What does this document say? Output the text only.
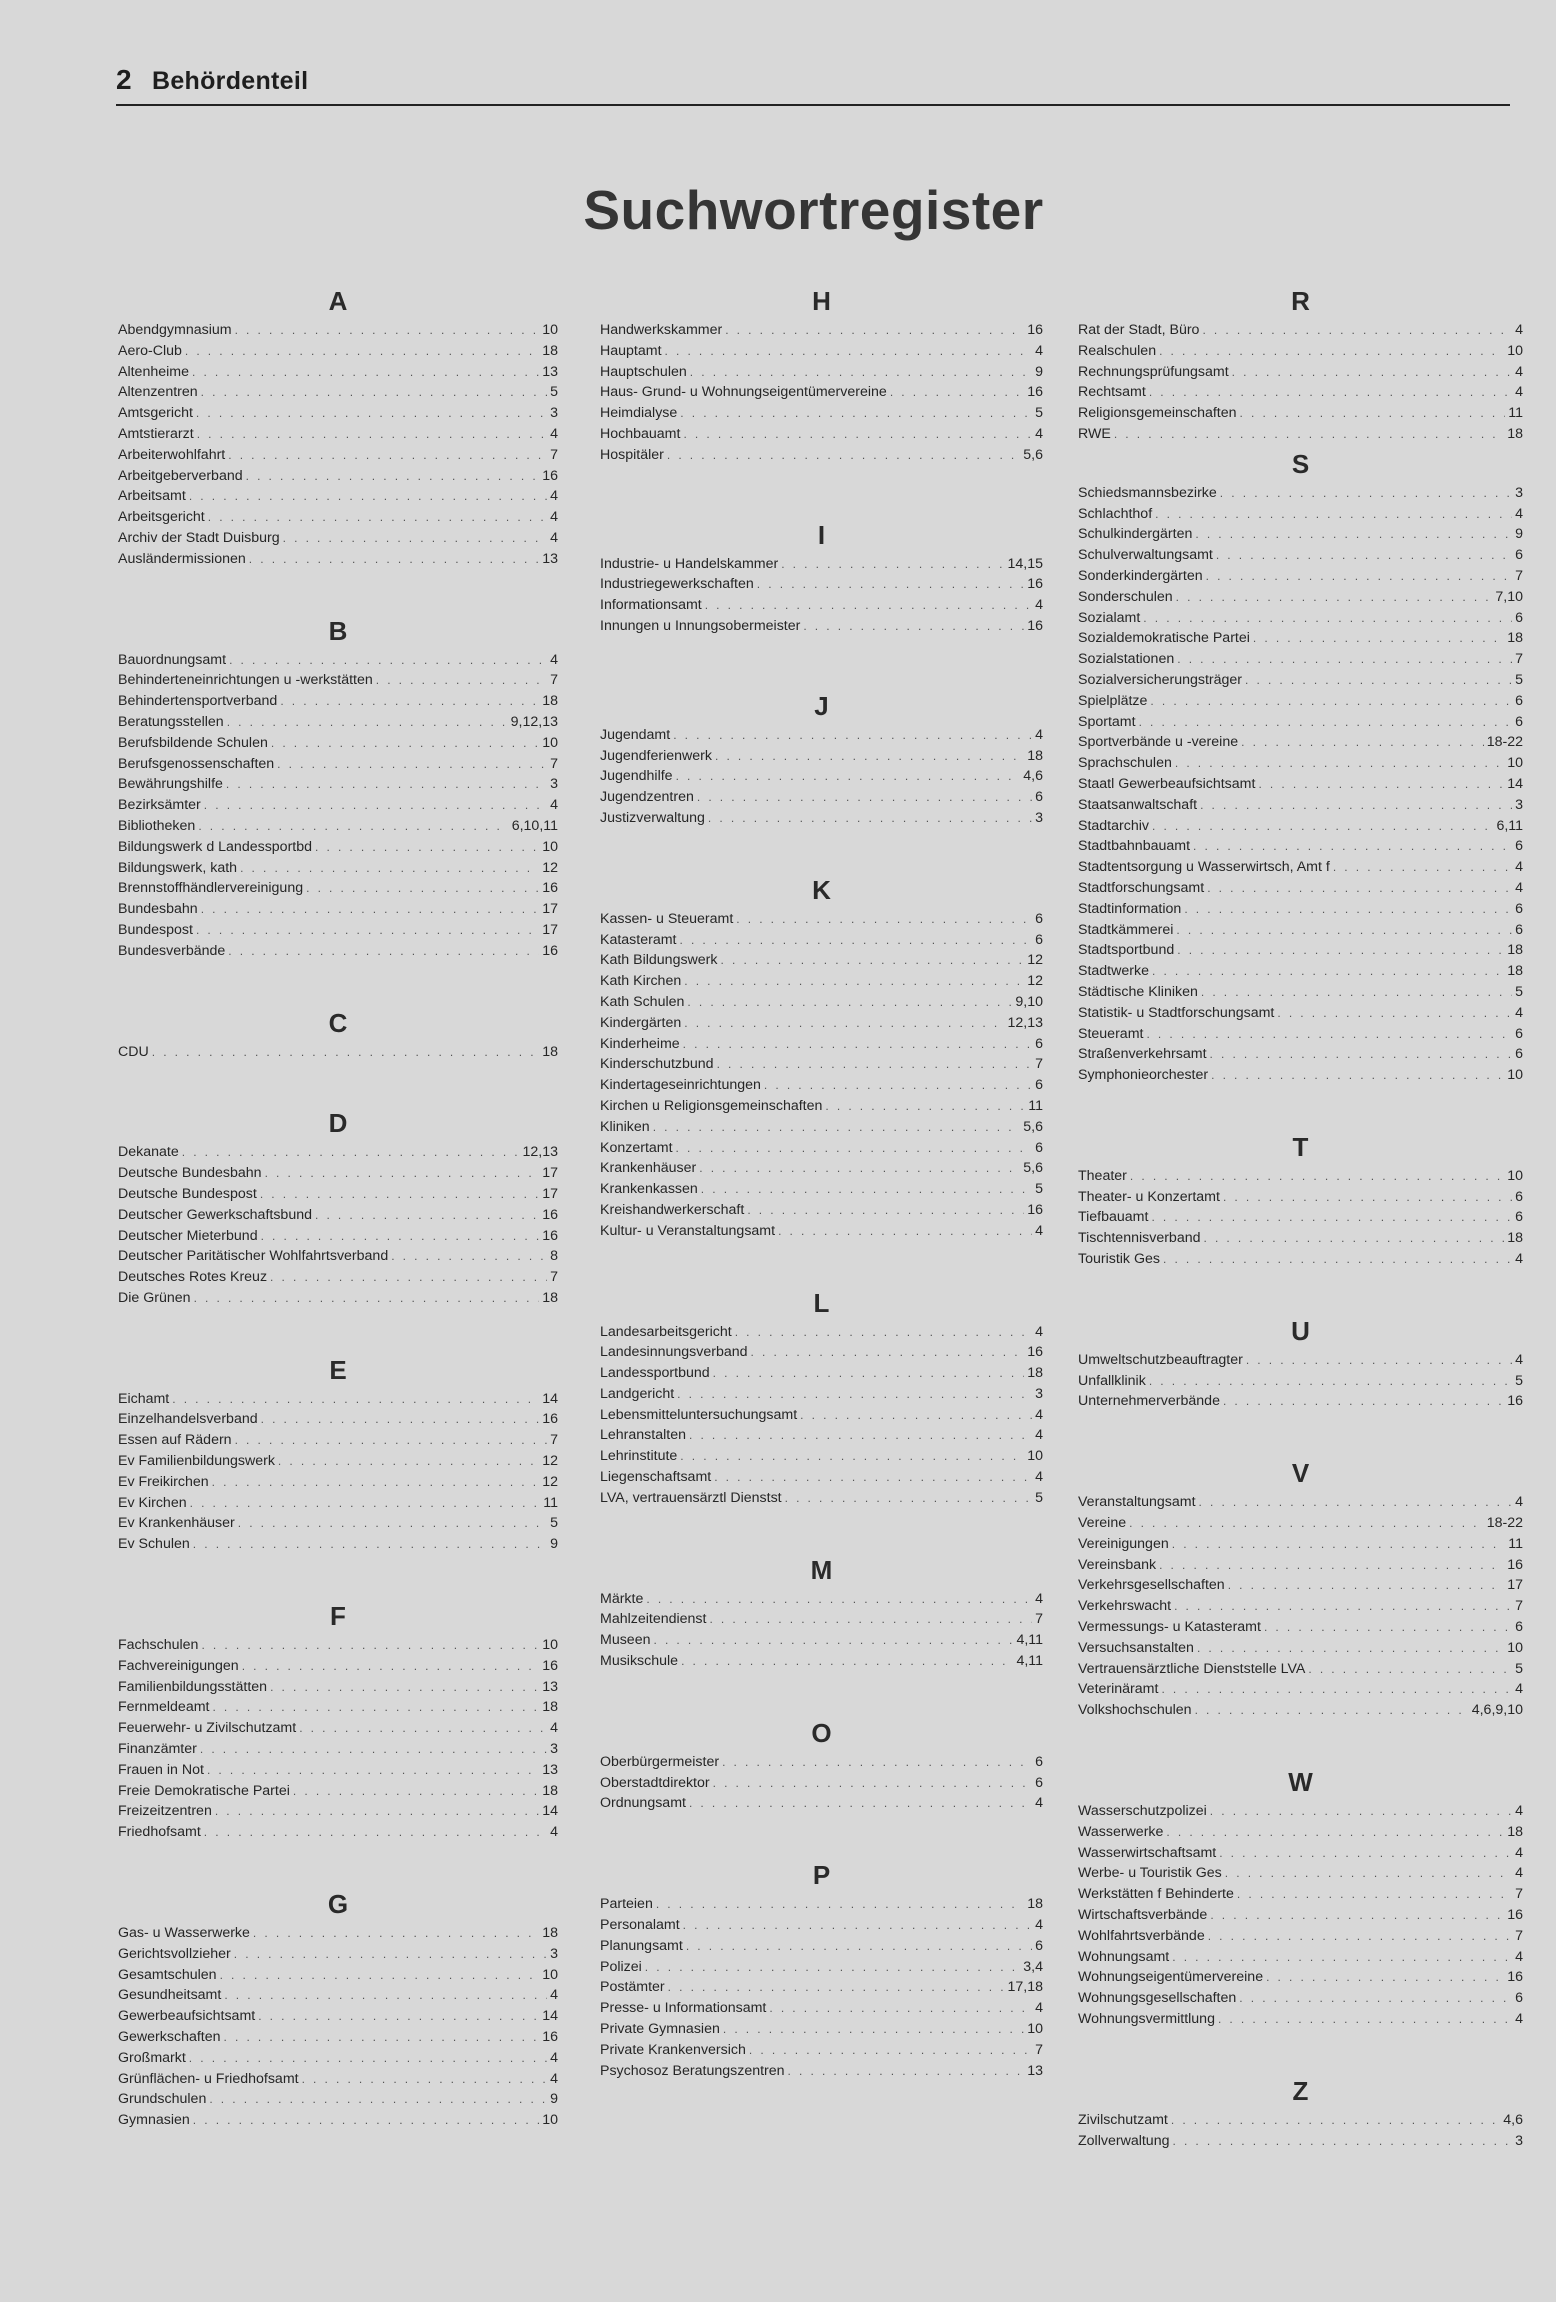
2 Behördenteil
Suchwortregister
A
Abendgymnasium . . .	10
Aero-Club . . .	18
Altenheime . . .	13
Altenzentren . . .	5
Amtsgericht . . .	3
Amtstierarzt . . .	4
Arbeiterwohlfahrt . . .	7
Arbeitgeberverband . . .	16
Arbeitsamt . . .	4
Arbeitsgericht . . .	4
Archiv der Stadt Duisburg . . .	4
Ausländermissionen . . .	13
B
Bauordnungsamt . . .	4
Behinderteneinrichtungen u -werkstätten . . .	7
Behindertensportverband . . .	18
Beratungsstellen . . .	9,12,13
Berufsbildende Schulen . . .	10
Berufsgenossenschaften . . .	7
Bewährungshilfe . . .	3
Bezirksämter . . .	4
Bibliotheken . . .	6,10,11
Bildungswerk d Landessportbd . . .	10
Bildungswerk, kath . . .	12
Brennstoffhändlervereinigung . . .	16
Bundesbahn . . .	17
Bundespost . . .	17
Bundesverbände . . .	16
C
CDU . . .	18
D
Dekanate . . .	12,13
Deutsche Bundesbahn . . .	17
Deutsche Bundespost . . .	17
Deutscher Gewerkschaftsbund . . .	16
Deutscher Mieterbund . . .	16
Deutscher Paritätischer Wohlfahrtsverband . . .	8
Deutsches Rotes Kreuz . . .	7
Die Grünen . . .	18
E
Eichamt . . .	14
Einzelhandelsverband . . .	16
Essen auf Rädern . . .	7
Ev Familienbildungswerk . . .	12
Ev Freikirchen . . .	12
Ev Kirchen . . .	11
Ev Krankenhäuser . . .	5
Ev Schulen . . .	9
F
Fachschulen . . .	10
Fachvereinigungen . . .	16
Familienbildungsstätten . . .	13
Fernmeldeamt . . .	18
Feuerwehr- u Zivilschutzamt . . .	4
Finanzämter . . .	3
Frauen in Not . . .	13
Freie Demokratische Partei . . .	18
Freizeitzentren . . .	14
Friedhofsamt . . .	4
G
Gas- u Wasserwerke . . .	18
Gerichtsvollzieher . . .	3
Gesamtschulen . . .	10
Gesundheitsamt . . .	4
Gewerbeaufsichtsamt . . .	14
Gewerkschaften . . .	16
Großmarkt . . .	4
Grünflächen- u Friedhofsamt . . .	4
Grundschulen . . .	9
Gymnasien . . .	10
H
Handwerkskammer . . .	16
Hauptamt . . .	4
Hauptschulen . . .	9
Haus- Grund- u Wohnungseigentümervereine . . .	16
Heimdialyse . . .	5
Hochbauamt . . .	4
Hospitäler . . .	5,6
I
Industrie- u Handelskammer . . .	14,15
Industriegewerkschaften . . .	16
Informationsamt . . .	4
Innungen u Innungsobermeister . . .	16
J
Jugendamt . . .	4
Jugendferienwerk . . .	18
Jugendhilfe . . .	4,6
Jugendzentren . . .	6
Justizverwaltung . . .	3
K
Kassen- u Steueramt . . .	6
Katasteramt . . .	6
Kath Bildungswerk . . .	12
Kath Kirchen . . .	12
Kath Schulen . . .	9,10
Kindergärten . . .	12,13
Kinderheime . . .	6
Kinderschutzbund . . .	7
Kindertageseinrichtungen . . .	6
Kirchen u Religionsgemeinschaften . . .	11
Kliniken . . .	5,6
Konzertamt . . .	6
Krankenhäuser . . .	5,6
Krankenkassen . . .	5
Kreishandwerkerschaft . . .	16
Kultur- u Veranstaltungsamt . . .	4
L
Landesarbeitsgericht . . .	4
Landesinnungsverband . . .	16
Landessportbund . . .	18
Landgericht . . .	3
Lebensmitteluntersuchungsamt . . .	4
Lehranstalten . . .	4
Lehrinstitute . . .	10
Liegenschaftsamt . . .	4
LVA, vertrauensärztl Dienstst . . .	5
M
Märkte . . .	4
Mahlzeitendienst . . .	7
Museen . . .	4,11
Musikschule . . .	4,11
O
Oberbürgermeister . . .	6
Oberstadtdirektor . . .	6
Ordnungsamt . . .	4
P
Parteien . . .	18
Personalamt . . .	4
Planungsamt . . .	6
Polizei . . .	3,4
Postämter . . .	17,18
Presse- u Informationsamt . . .	4
Private Gymnasien . . .	10
Private Krankenversich . . .	7
Psychosoz Beratungszentren . . .	13
R
Rat der Stadt, Büro . . .	4
Realschulen . . .	10
Rechnungsprüfungsamt . . .	4
Rechtsamt . . .	4
Religionsgemeinschaften . . .	11
RWE . . .	18
S
Schiedsmannsbezirke . . .	3
Schlachthof . . .	4
Schulkindergärten . . .	9
Schulverwaltungsamt . . .	6
Sonderkindergärten . . .	7
Sonderschulen . . .	7,10
Sozialamt . . .	6
Sozialdemokratische Partei . . .	18
Sozialstationen . . .	7
Sozialversicherungsträger . . .	5
Spielplätze . . .	6
Sportamt . . .	6
Sportverbände u -vereine . . .	18-22
Sprachschulen . . .	10
Staatl Gewerbeaufsichtsamt . . .	14
Staatsanwaltschaft . . .	3
Stadtarchiv . . .	6,11
Stadtbahnbauamt . . .	6
Stadtentsorgung u Wasserwirtsch, Amt f . . .	4
Stadtforschungsamt . . .	4
Stadtinformation . . .	6
Stadtkämmerei . . .	6
Stadtsportbund . . .	18
Stadtwerke . . .	18
Städtische Kliniken . . .	5
Statistik- u Stadtforschungsamt . . .	4
Steueramt . . .	6
Straßenverkehrsamt . . .	6
Symphonieorchester . . .	10
T
Theater . . .	10
Theater- u Konzertamt . . .	6
Tiefbauamt . . .	6
Tischtennisverband . . .	18
Touristik Ges . . .	4
U
Umweltschutzbeauftragter . . .	4
Unfallklinik . . .	5
Unternehmerverbände . . .	16
V
Veranstaltungsamt . . .	4
Vereine . . .	18-22
Vereinigungen . . .	11
Vereinsbank . . .	16
Verkehrsgesellschaften . . .	17
Verkehrswacht . . .	7
Vermessungs- u Katasteramt . . .	6
Versuchsanstalten . . .	10
Vertrauensärztliche Dienststelle LVA . . .	5
Veterinäramt . . .	4
Volkshochschulen . . .	4,6,9,10
W
Wasserschutzpolizei . . .	4
Wasserwerke . . .	18
Wasserwirtschaftsamt . . .	4
Werbe- u Touristik Ges . . .	4
Werkstätten f Behinderte . . .	7
Wirtschaftsverbände . . .	16
Wohlfahrtsverbände . . .	7
Wohnungsamt . . .	4
Wohnungseigentümervereine . . .	16
Wohnungsgesellschaften . . .	6
Wohnungsvermittlung . . .	4
Z
Zivilschutzamt . . .	4,6
Zollverwaltung . . .	3
